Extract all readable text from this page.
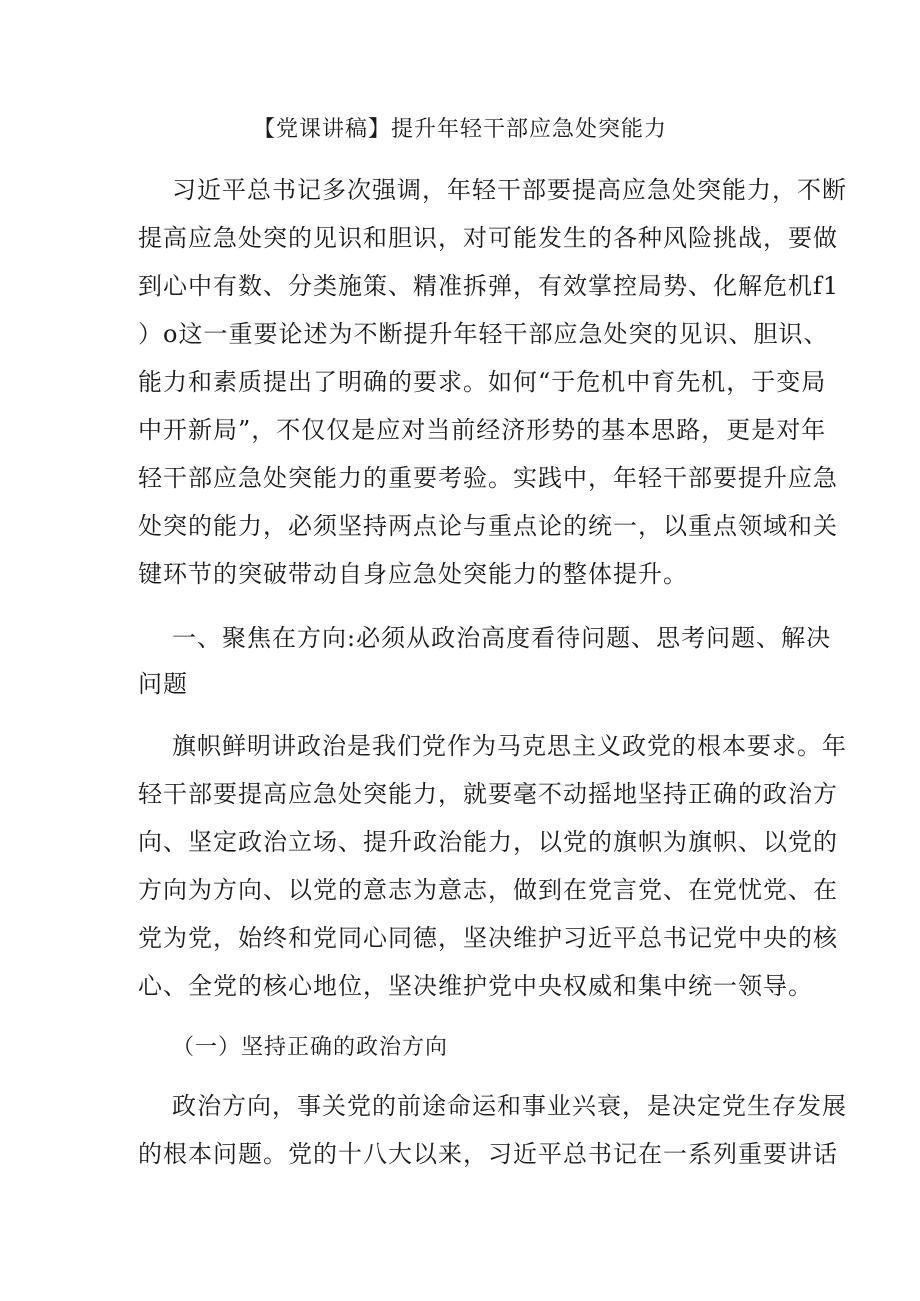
【党课讲稿】提升年轻干部应急处突能力
习近平总书记多次强调，年轻干部要提高应急处突能力，不断
提高应急处突的见识和胆识，对可能发生的各种风险挑战，要做
到心中有数、分类施策、精准拆弹，有效掌控局势、化解危机f1
）o这一重要论述为不断提升年轻干部应急处突的见识、胆识、
能力和素质提出了明确的要求。如何“于危机中育先机，于变局
中开新局”，不仅仅是应对当前经济形势的基本思路，更是对年
轻干部应急处突能力的重要考验。实践中，年轻干部要提升应急
处突的能力，必须坚持两点论与重点论的统一，以重点领域和关
键环节的突破带动自身应急处突能力的整体提升。
一、聚焦在方向:必须从政治高度看待问题、思考问题、解决
问题
旗帜鲜明讲政治是我们党作为马克思主义政党的根本要求。年
轻干部要提高应急处突能力，就要毫不动摇地坚持正确的政治方
向、坚定政治立场、提升政治能力，以党的旗帜为旗帜、以党的
方向为方向、以党的意志为意志，做到在党言党、在党忧党、在
党为党，始终和党同心同德，坚决维护习近平总书记党中央的核
心、全党的核心地位，坚决维护党中央权威和集中统一领导。
（一）坚持正确的政治方向
政治方向，事关党的前途命运和事业兴衰，是决定党生存发展
的根本问题。党的十八大以来，习近平总书记在一系列重要讲话
